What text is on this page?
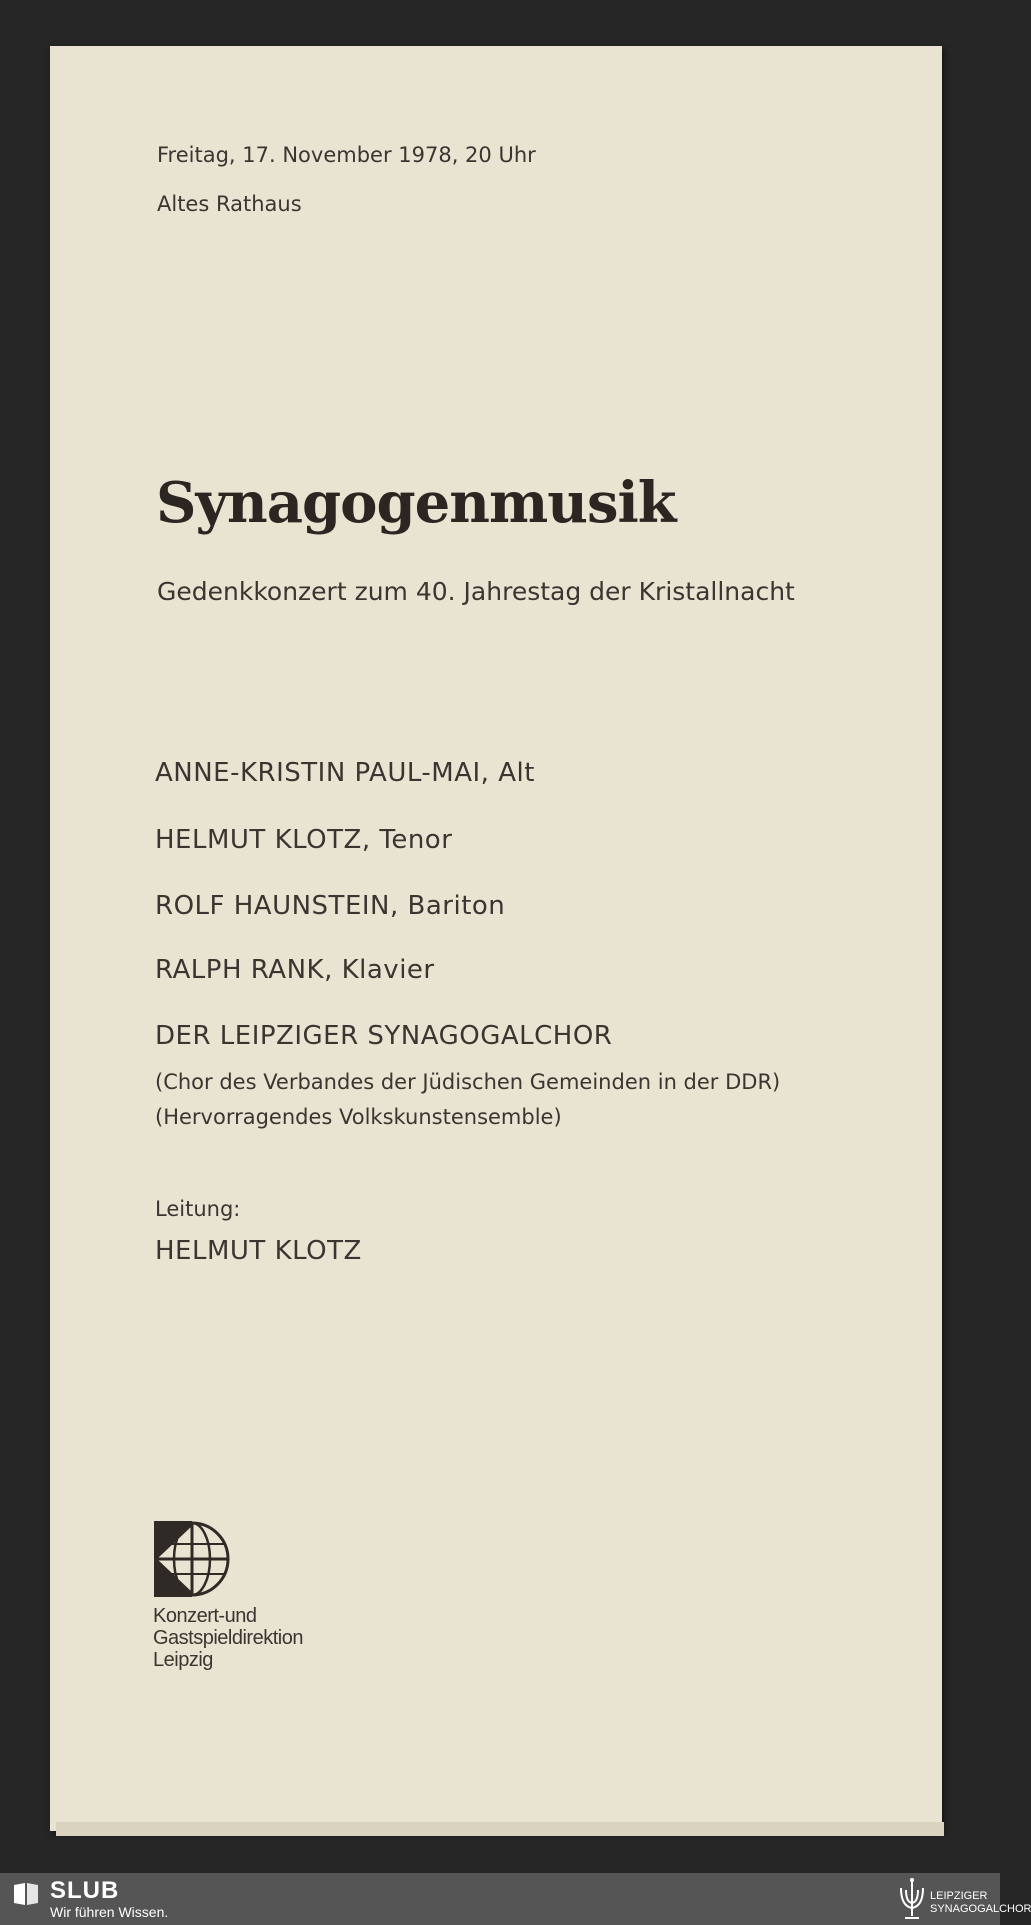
Freitag, 17. November 1978, 20 Uhr
Altes Rathaus
Synagogenmusik
Gedenkkonzert zum 40. Jahrestag der Kristallnacht
ANNE-KRISTIN PAUL-MAI, Alt
HELMUT KLOTZ, Tenor
ROLF HAUNSTEIN, Bariton
RALPH RANK, Klavier
DER LEIPZIGER SYNAGOGALCHOR
(Chor des Verbandes der Jüdischen Gemeinden in der DDR)
(Hervorragendes Volkskunstensemble)
Leitung:
HELMUT KLOTZ
Konzert-und
Gastspieldirektion
Leipzig
SLUB
Wir führen Wissen.
LEIPZIGER
SYNAGOGALCHOR
